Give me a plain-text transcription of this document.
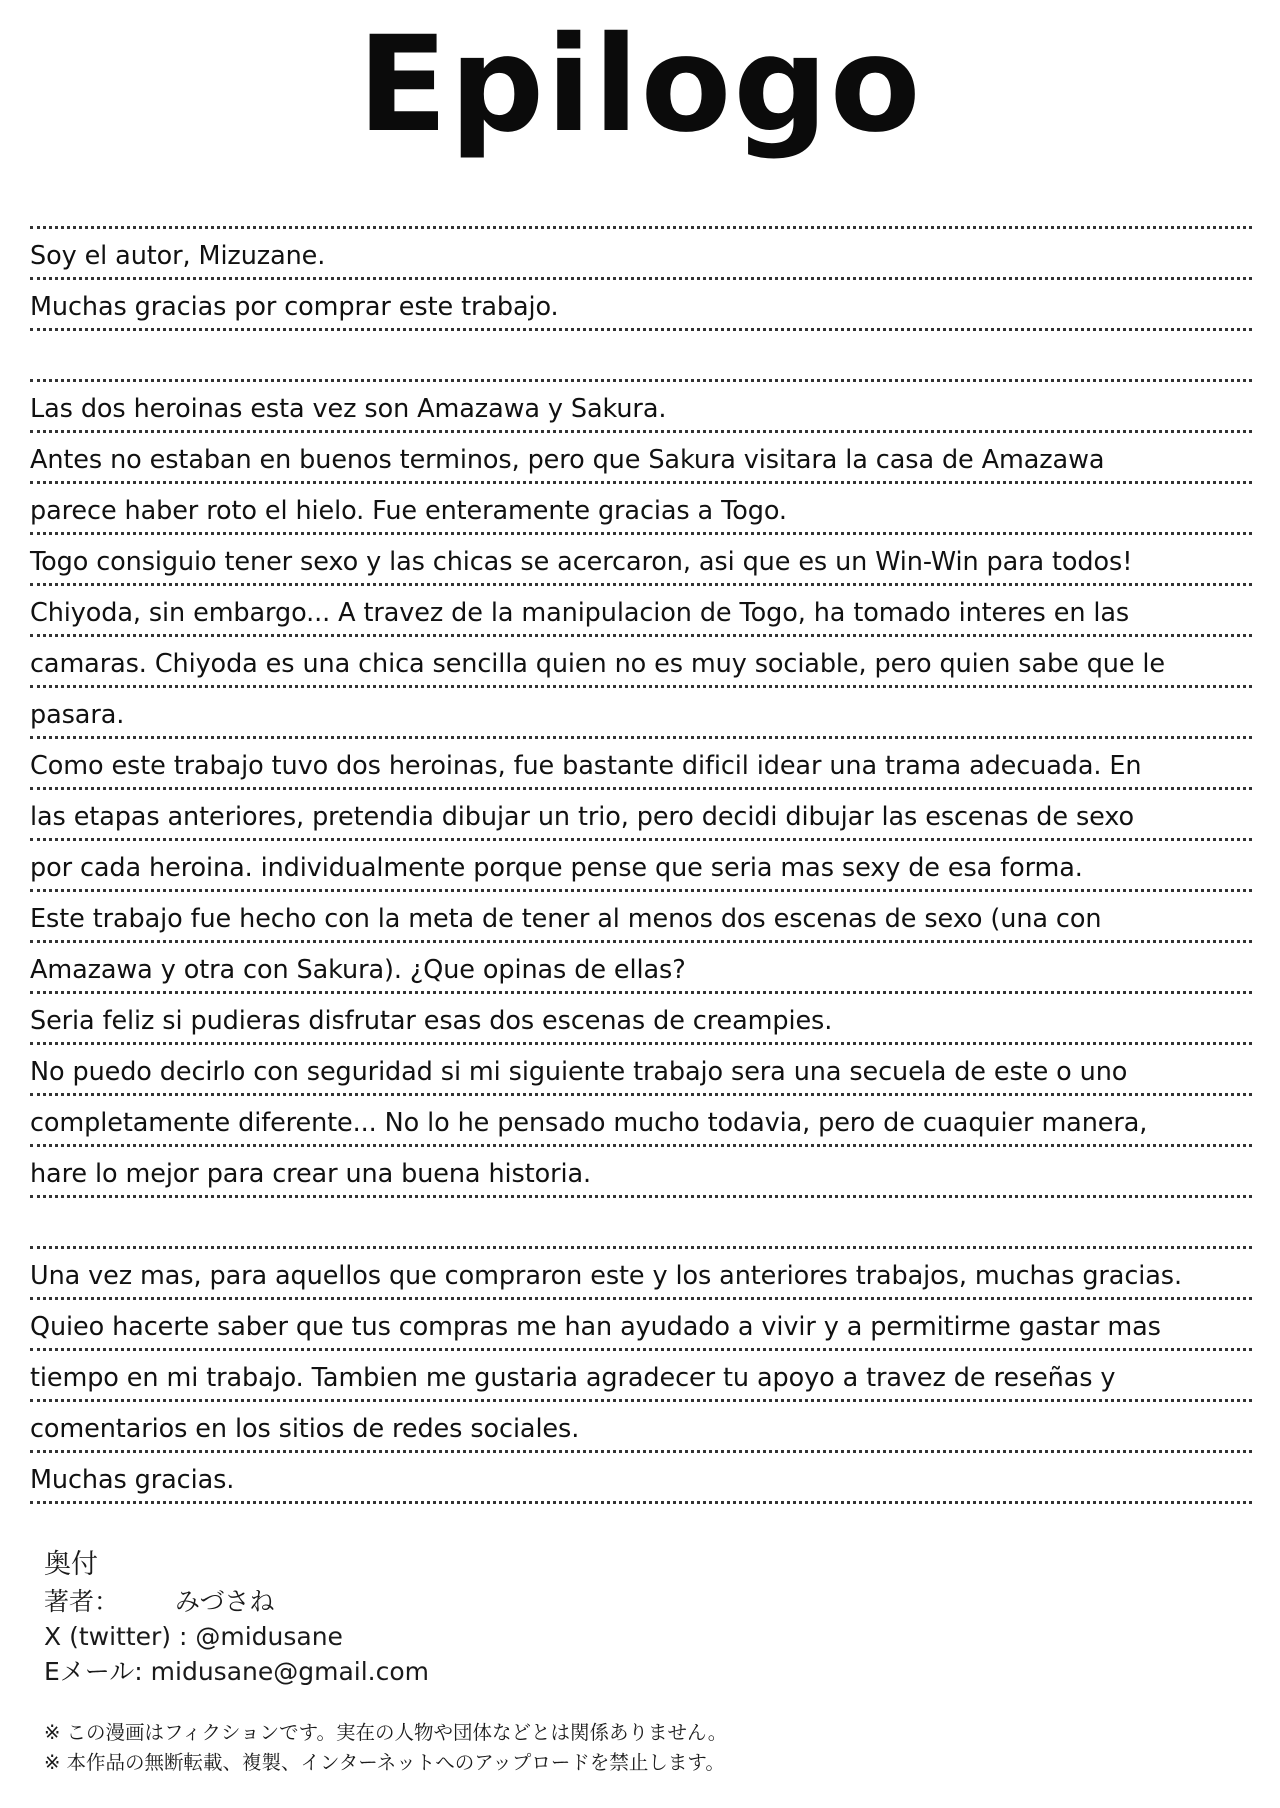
Epilogo
Soy el autor, Mizuzane.
Muchas gracias por comprar este trabajo.
Las dos heroinas esta vez son Amazawa y Sakura.
Antes no estaban en buenos terminos, pero que Sakura visitara la casa de Amazawa
parece haber roto el hielo. Fue enteramente gracias a Togo.
Togo consiguio tener sexo y las chicas se acercaron, asi que es un Win-Win para todos!
Chiyoda, sin embargo... A travez de la manipulacion de Togo, ha tomado interes en las
camaras. Chiyoda es una chica sencilla quien no es muy sociable, pero quien sabe que le
pasara.
Como este trabajo tuvo dos heroinas, fue bastante dificil idear una trama adecuada. En
las etapas anteriores, pretendia dibujar un trio, pero decidi dibujar las escenas de sexo
por cada heroina. individualmente porque pense que seria mas sexy de esa forma.
Este trabajo fue hecho con la meta de tener al menos dos escenas de sexo (una con
Amazawa y otra con Sakura). ¿Que opinas de ellas?
Seria feliz si pudieras disfrutar esas dos escenas de creampies.
No puedo decirlo con seguridad si mi siguiente trabajo sera una secuela de este o uno
completamente diferente... No lo he pensado mucho todavia, pero de cuaquier manera,
hare lo mejor para crear una buena historia.
Una vez mas, para aquellos que compraron este y los anteriores trabajos, muchas gracias.
Quieo hacerte saber que tus compras me han ayudado a vivir y a permitirme gastar mas
tiempo en mi trabajo. Tambien me gustaria agradecer tu apoyo a travez de reseñas y
comentarios en los sitios de redes sociales.
Muchas gracias.
奥付
著者： みづさね
X (twitter) : @midusane
Eメール: midusane@gmail.com
※ この漫画はフィクションです。実在の人物や団体などとは関係ありません。
※ 本作品の無断転載、複製、インターネットへのアップロードを禁止します。
